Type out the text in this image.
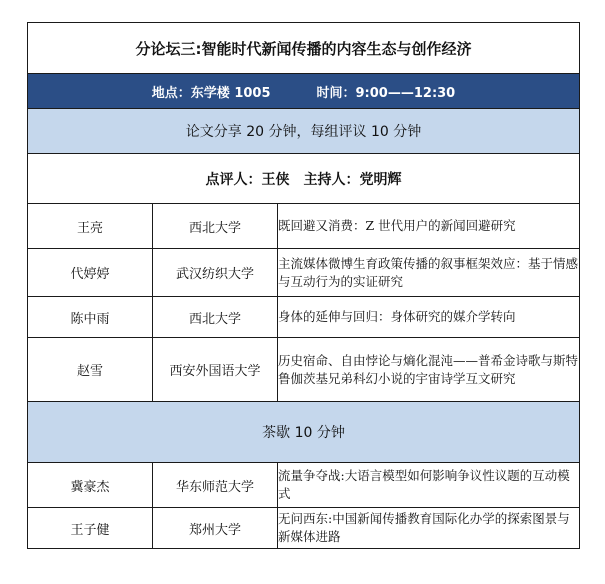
分论坛三:智能时代新闻传播的内容生态与创作经济		
地点：东学楼 1005 时间：9:00——12:30		
论文分享 20 分钟，每组评议 10 分钟		
点评人：王侠 主持人：党明辉		
王亮	西北大学	既回避又消费：Z 世代用户的新闻回避研究
代婷婷	武汉纺织大学	主流媒体微博生育政策传播的叙事框架效应：基于情感与互动行为的实证研究
陈中雨	西北大学	身体的延伸与回归：身体研究的媒介学转向
赵雪	西安外国语大学	历史宿命、自由悖论与熵化混沌——普希金诗歌与斯特鲁伽茨基兄弟科幻小说的宇宙诗学互文研究
茶歇 10 分钟		
冀豪杰	华东师范大学	流量争夺战:大语言模型如何影响争议性议题的互动模式
王子健	郑州大学	无问西东:中国新闻传播教育国际化办学的探索图景与新媒体进路
